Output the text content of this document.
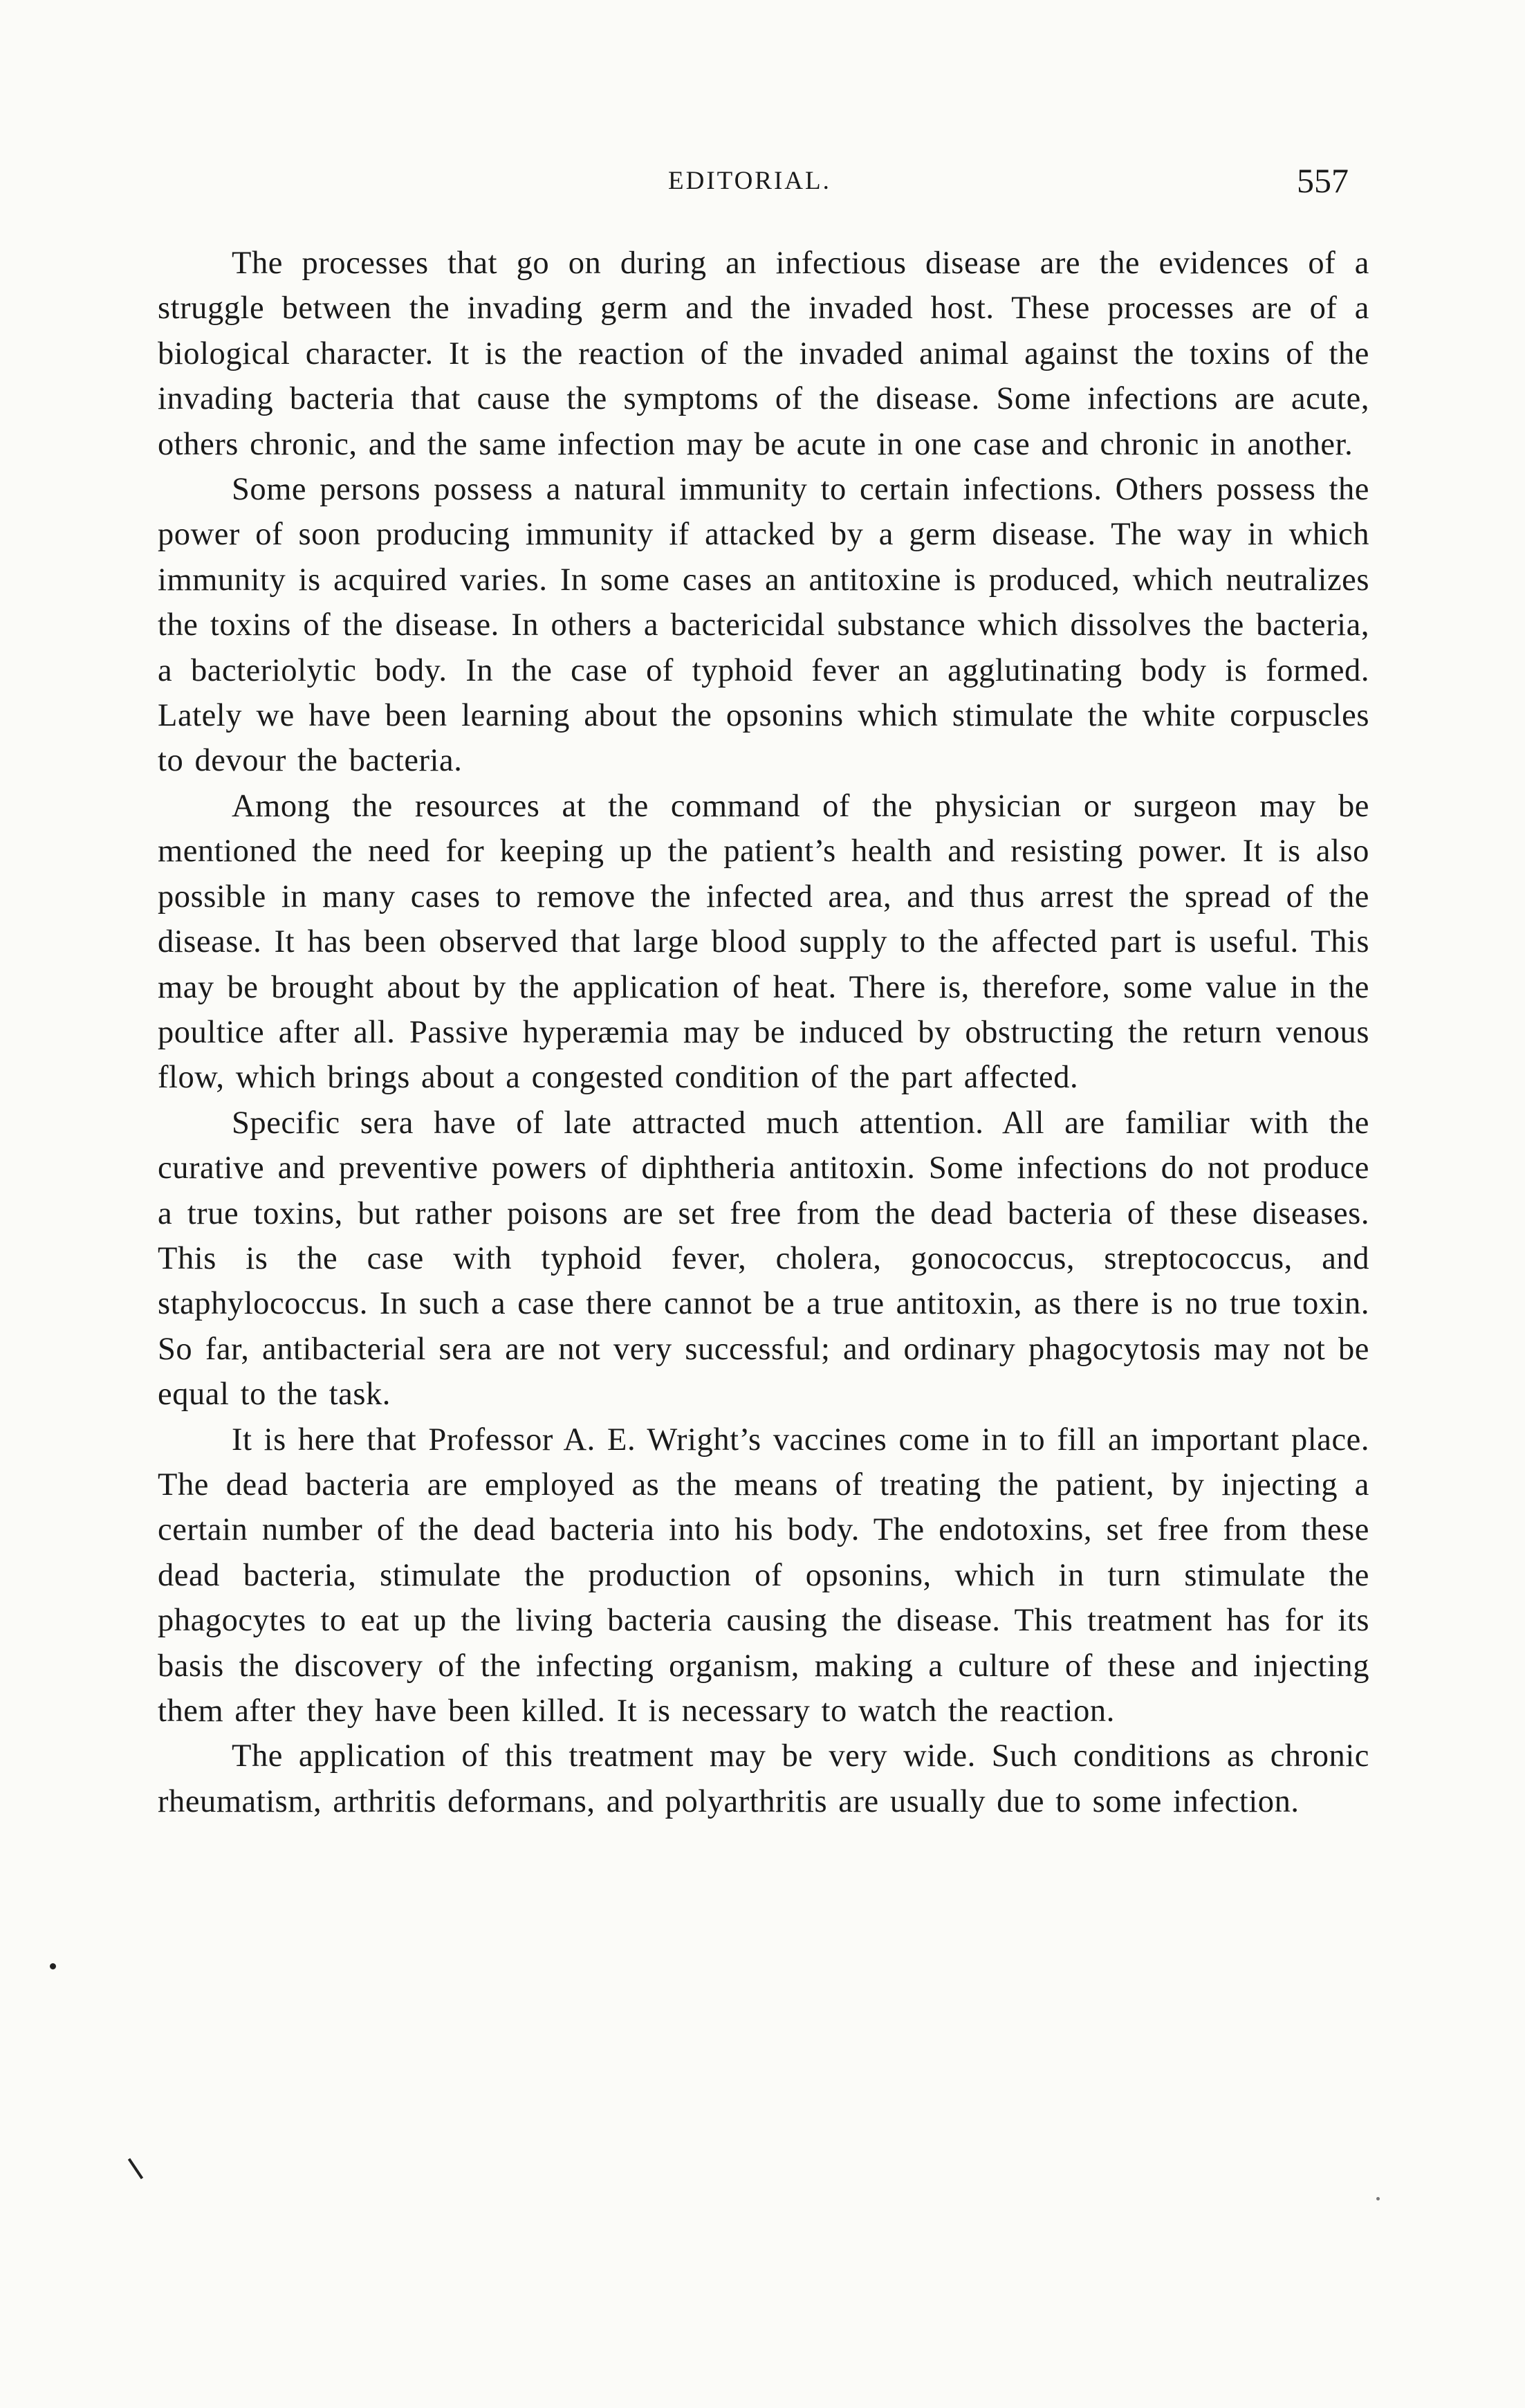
EDITORIAL.	557

The processes that go on during an infectious disease are the evidences of a struggle between the invading germ and the invaded host. These processes are of a biological character. It is the reaction of the invaded animal against the toxins of the invading bacteria that cause the symptoms of the disease. Some infections are acute, others chronic, and the same infection may be acute in one case and chronic in another.

Some persons possess a natural immunity to certain infections. Others possess the power of soon producing immunity if attacked by a germ disease. The way in which immunity is acquired varies. In some cases an antitoxine is produced, which neutralizes the toxins of the disease. In others a bactericidal substance which dissolves the bacteria, a bacteriolytic body. In the case of typhoid fever an agglutinating body is formed. Lately we have been learning about the opsonins which stimulate the white corpuscles to devour the bacteria.

Among the resources at the command of the physician or surgeon may be mentioned the need for keeping up the patient’s health and resisting power. It is also possible in many cases to remove the infected area, and thus arrest the spread of the disease. It has been observed that large blood supply to the affected part is useful. This may be brought about by the application of heat. There is, therefore, some value in the poultice after all. Passive hyperæmia may be induced by obstructing the return venous flow, which brings about a congested condition of the part affected.

Specific sera have of late attracted much attention. All are familiar with the curative and preventive powers of diphtheria antitoxin. Some infections do not produce a true toxins, but rather poisons are set free from the dead bacteria of these diseases. This is the case with typhoid fever, cholera, gonococcus, streptococcus, and staphylococcus. In such a case there cannot be a true antitoxin, as there is no true toxin. So far, antibacterial sera are not very successful; and ordinary phagocytosis may not be equal to the task.

It is here that Professor A. E. Wright’s vaccines come in to fill an important place. The dead bacteria are employed as the means of treating the patient, by injecting a certain number of the dead bacteria into his body. The endotoxins, set free from these dead bacteria, stimulate the production of opsonins, which in turn stimulate the phagocytes to eat up the living bacteria causing the disease. This treatment has for its basis the discovery of the infecting organism, making a culture of these and injecting them after they have been killed. It is necessary to watch the reaction.

The application of this treatment may be very wide. Such conditions as chronic rheumatism, arthritis deformans, and polyarthritis are usually due to some infection.
